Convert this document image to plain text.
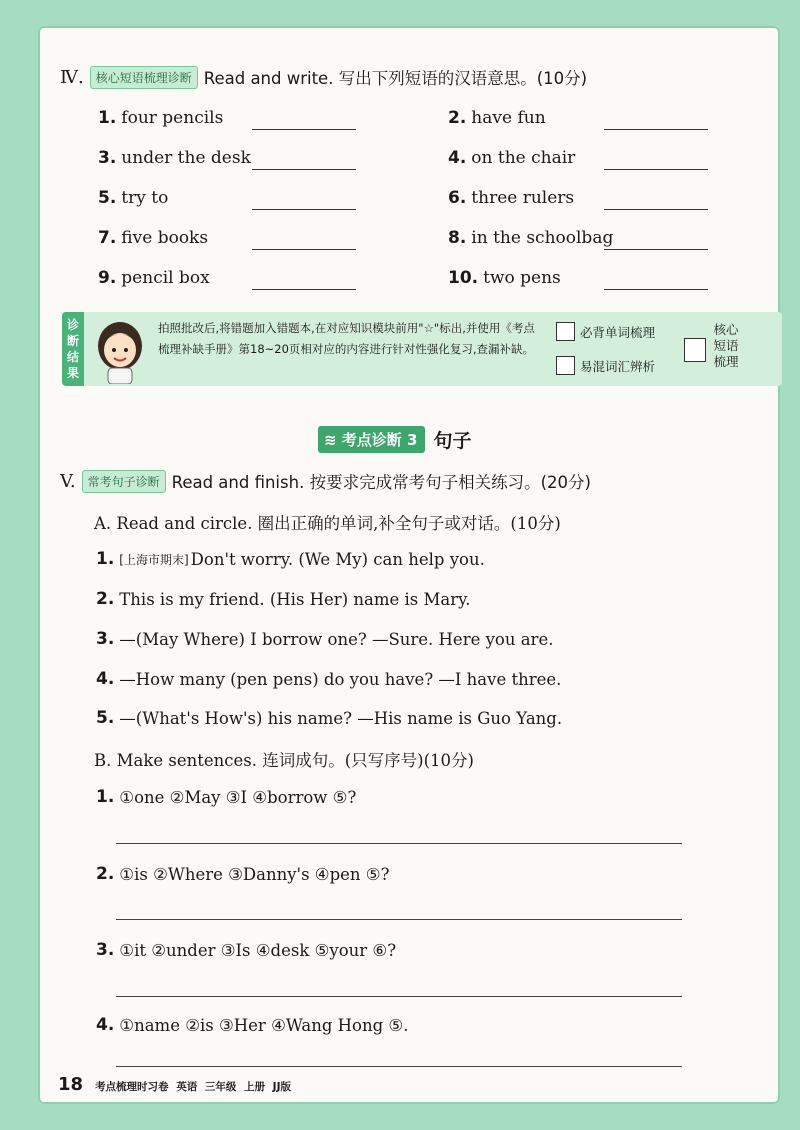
Ⅳ.	核心短语梳理诊断 Read and write. 写出下列短语的汉语意思。(10分)
1. four pencils	2. have fun
3. under the desk	4. on the chair
5. try to	6. three rulers
7. five books	8. in the schoolbag
9. pencil box	10. two pens
诊
断
结
果
拍照批改后,将错题加入错题本,在对应知识模块前用"☆"标出,并使用《考点梳理补缺手册》第18~20页相对应的内容进行针对性强化复习,查漏补缺。
必背单词梳理
易混词汇辨析
核心短语梳理
≋ 考点诊断 3 句子
V.	常考句子诊断 Read and finish. 按要求完成常考句子相关练习。(20分)
A. Read and circle. 圈出正确的单词,补全句子或对话。(10分)
1. [上海市期末] Don't worry. (We My) can help you.
2. This is my friend. (His Her) name is Mary.
3. —(May Where) I borrow one? —Sure. Here you are.
4. —How many (pen pens) do you have? —I have three.
5. —(What's How's) his name? —His name is Guo Yang.
B. Make sentences. 连词成句。(只写序号)(10分)
1. ①one ②May ③I ④borrow ⑤?
2. ①is ②Where ③Danny's ④pen ⑤?
3. ①it ②under ③Is ④desk ⑤your ⑥?
4. ①name ②is ③Her ④Wang Hong ⑤.
18 考点梳理时习卷 英语 三年级 上册 JJ版
